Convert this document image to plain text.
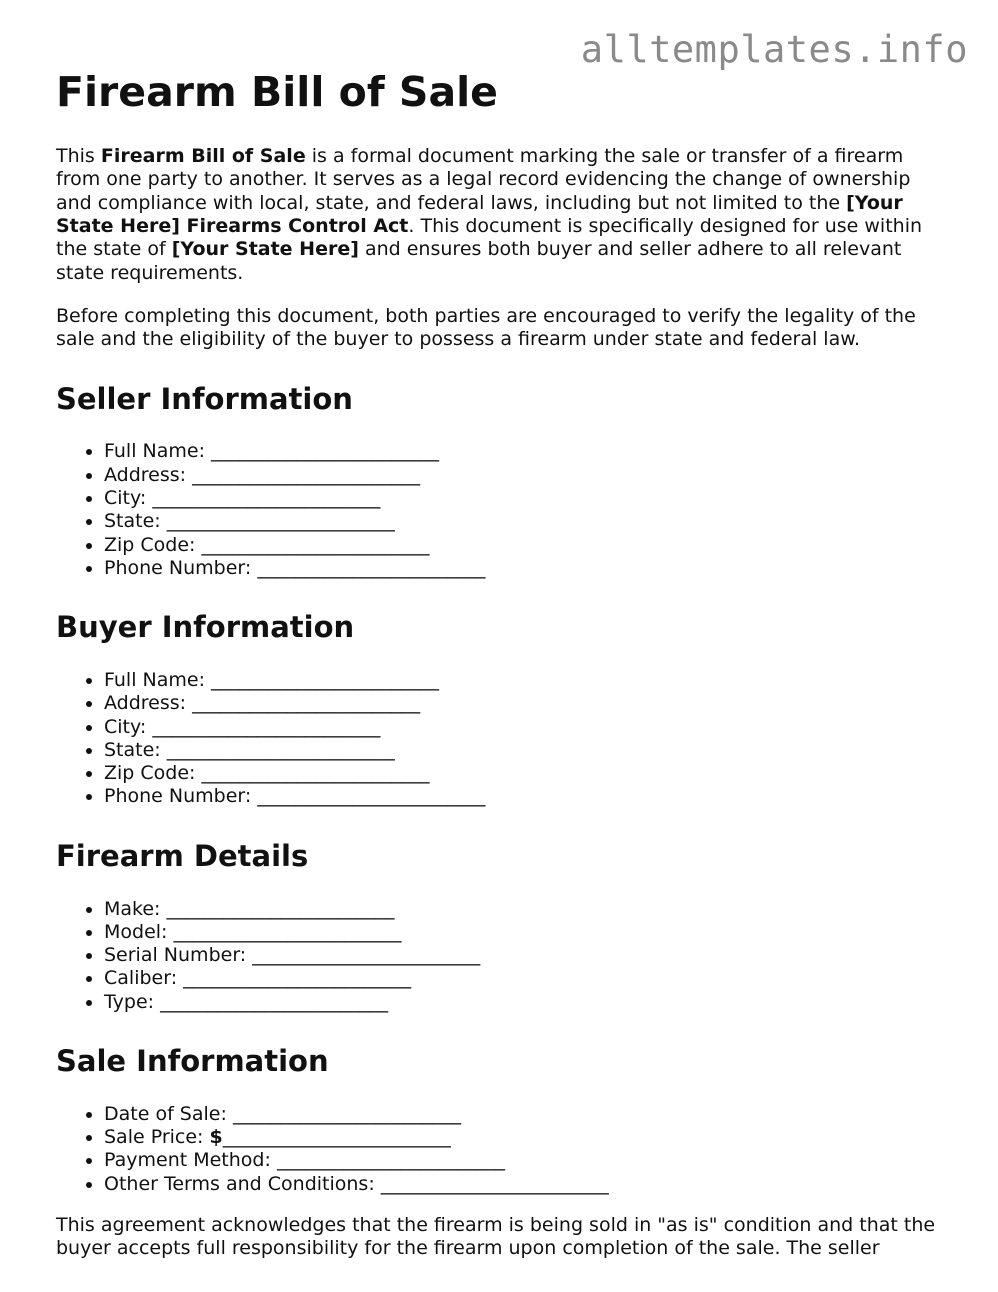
alltemplates.info
Firearm Bill of Sale

This Firearm Bill of Sale is a formal document marking the sale or transfer of a firearm from one party to another. It serves as a legal record evidencing the change of ownership and compliance with local, state, and federal laws, including but not limited to the [Your State Here] Firearms Control Act. This document is specifically designed for use within the state of [Your State Here] and ensures both buyer and seller adhere to all relevant state requirements.

Before completing this document, both parties are encouraged to verify the legality of the sale and the eligibility of the buyer to possess a firearm under state and federal law.

Seller Information
• Full Name: ________________________
• Address: ________________________
• City: ________________________
• State: ________________________
• Zip Code: ________________________
• Phone Number: ________________________
Buyer Information
• Full Name: ________________________
• Address: ________________________
• City: ________________________
• State: ________________________
• Zip Code: ________________________
• Phone Number: ________________________
Firearm Details
• Make: ________________________
• Model: ________________________
• Serial Number: ________________________
• Caliber: ________________________
• Type: ________________________
Sale Information
• Date of Sale: ________________________
• Sale Price: $________________________
• Payment Method: ________________________
• Other Terms and Conditions: ________________________

This agreement acknowledges that the firearm is being sold in "as is" condition and that the buyer accepts full responsibility for the firearm upon completion of the sale. The seller
